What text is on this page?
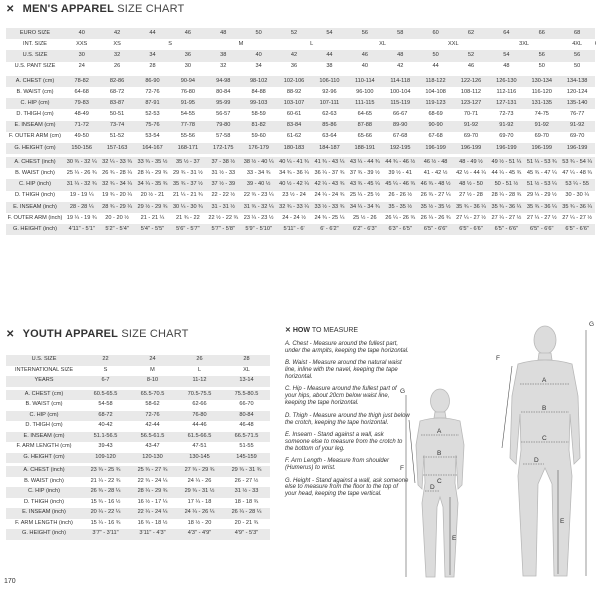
✕ MEN'S APPAREL SIZE CHART
EURO SIZE	40	42	44	46	48	50	52	54	56	58	60	62	64	66	68	
INT. SIZE	XXS	XS	S		M		L		XL		XXL		3XL		4XL		
U.S. SIZE	30	32	34	36	38	40	42	44	46	48	50	52	54	56	56	
U.S. PANT SIZE	24	26	28	30	32	34	36	38	40	42	44	46	48	50	50	

A. CHEST (cm)	78-82	82-86	86-90	90-94	94-98	98-102	102-106	106-110	110-114	114-118	118-122	122-126	126-130	130-134	134-138	
B. WAIST (cm)	64-68	68-72	72-76	76-80	80-84	84-88	88-92	92-96	96-100	100-104	104-108	108-112	112-116	116-120	120-124	
C. HIP (cm)	79-83	83-87	87-91	91-95	95-99	99-103	103-107	107-111	111-115	115-119	119-123	123-127	127-131	131-135	135-140	
D. THIGH (cm)	48-49	50-51	52-53	54-55	56-57	58-59	60-61	62-63	64-65	66-67	68-69	70-71	72-73	74-75	76-77	
E. INSEAM (cm)	71-72	73-74	75-76	77-78	79-80	81-82	83-84	85-86	87-88	89-90	90-90	91-92	91-92	91-92	91-92	
F. OUTER ARM (cm)	49-50	51-52	53-54	55-56	57-58	59-60	61-62	63-64	65-66	67-68	67-68	69-70	69-70	69-70	69-70	
G. HEIGHT (cm)	150-156	157-163	164-167	168-171	172-175	176-179	180-183	184-187	188-191	192-195	196-199	196-199	196-199	196-199	196-199	

A. CHEST (inch)	30 ¾ - 32 ¼	32 ¼ - 33 ¾	33 ¾ - 35 ½	35 ½ - 37	37 - 38 ½	38 ½ - 40 ¼	40 ¼ - 41 ¾	41 ¾ - 43 ¼	43 ¼ - 44 ¾	44 ¾ - 46 ½	46 ½ - 48	48 - 49 ½	49 ½ - 51 ¼	51 ¼ - 53 ¾	53 ¾ - 54 ¼	
B. WAIST (inch)	25 ¼ - 26 ¾	26 ¾ - 28 ¼	28 ¼ - 29 ¾	29 ¾ - 31 ½	31 ½ - 33	33 - 34 ¾	34 ¾ - 36 ¼	36 ¼ - 37 ¾	37 ¾ - 39 ½	39 ½ - 41	41 - 42 ½	42 ½ - 44 ¼	44 ¼ - 45 ¾	45 ¾ - 47 ¼	47 ¼ - 48 ¾	
C. HIP (inch)	31 ¼ - 32 ¾	32 ¾ - 34 ¼	34 ¼ - 35 ¾	35 ¾ - 37 ½	37 ½ - 39	39 - 40 ½	40 ½ - 42 ¼	42 ¼ - 43 ¾	43 ¾ - 45 ¼	45 ¼ - 46 ¾	46 ¾ - 48 ½	48 ½ - 50	50 - 51 ½	51 ½ - 53 ¼	53 ¼ - 55	
D. THIGH (inch)	19 - 19 ¼	19 ¾ - 20 ¼	20 ½ - 21	21 ¼ - 21 ¾	22 - 22 ½	22 ¾ - 23 ¼	23 ½ - 24	24 ¼ - 24 ¾	25 ¼ - 25 ½	26 - 26 ½	26 ¾ - 27 ¼	27 ½ - 28	28 ¼ - 28 ¾	29 ¼ - 29 ½	30 - 30 ¼	
E. INSEAM (inch)	28 - 28 ¼	28 ¾ - 29 ¼	29 ½ - 29 ¾	30 ¼ - 30 ¾	31 - 31 ½	31 ¾ - 32 ¼	32 ¾ - 33 ¼	33 ½ - 33 ¾	34 ¼ - 34 ¾	35 - 35 ½	35 ½ - 35 ½	35 ¾ - 36 ¼	35 ¾ - 36 ¼	35 ¾ - 36 ¼	35 ¾ - 36 ¼	
F. OUTER ARM (inch)	19 ¼ - 19 ¾	20 - 20 ½	21 - 21 ¼	21 ¾ - 22	22 ½ - 22 ¾	23 ¼ - 23 ½	24 - 24 ½	24 ¾ - 25 ¼	25 ½ - 26	26 ¼ - 26 ¾	26 ¼ - 26 ¾	27 ¼ - 27 ½	27 ¼ - 27 ½	27 ¼ - 27 ½	27 ¼ - 27 ½	
G. HEIGHT (inch)	4'11" - 5'1"	5'2" - 5'4"	5'4" - 5'5"	5'6" - 5'7"	5'7" - 5'8"	5'9" - 5'10"	5'11" - 6'	6' - 6'2"	6'2" - 6'3"	6'3" - 6'5"	6'5" - 6'6"	6'5" - 6'6"	6'5" - 6'6"	6'5" - 6'6"	6'5" - 6'6"	
✕ YOUTH APPAREL SIZE CHART
U.S. SIZE	22	24	26	28
INTERNATIONAL SIZE	S	M	L	XL
YEARS	6-7	8-10	11-12	13-14

A. CHEST (cm)	60.5-65.5	65.5-70.5	70.5-75.5	75.5-80.5
B. WAIST (cm)	54-58	58-62	62-66	66-70
C. HIP (cm)	68-72	72-76	76-80	80-84
D. THIGH (cm)	40-42	42-44	44-46	46-48
E. INSEAM (cm)	51.1-56.5	56.5-61.5	61.5-66.5	66.5-71.5
F. ARM LENGTH (cm)	39-43	43-47	47-51	51-55
G. HEIGHT (cm)	109-120	120-130	130-145	145-159

A. CHEST (inch)	23 ¾ - 25 ¾	25 ¾ - 27 ¾	27 ¾ - 29 ¾	29 ¾ - 31 ¾
B. WAIST (inch)	21 ¼ - 22 ¾	22 ¾ - 24 ¼	24 ¼ - 26	26 - 27 ½
C. HIP (inch)	26 ¾ - 28 ¼	28 ¼ - 29 ¾	29 ¾ - 31 ½	31 ½ - 33
D. THIGH (inch)	15 ¾ - 16 ½	16 ½ - 17 ¼	17 ¼ - 18	18 - 18 ¾
E. INSEAM (inch)	20 ¼ - 22 ¼	22 ¼ - 24 ¼	24 ¼ - 26 ¼	26 ¼ - 28 ¼
F. ARM LENGTH (inch)	15 ¼ - 16 ¾	16 ¾ - 18 ½	18 ½ - 20	20 - 21 ¾
G. HEIGHT (inch)	3'7" - 3'11"	3'11" - 4'3"	4'3" - 4'9"	4'9" - 5'3"
✕ HOW TO MEASURE

A. Chest - Measure around the fullest part, under the armpits, keeping the tape horizontal.

B. Waist - Measure around the natural waist line, inline with the navel, keeping the tape horizontal.

C. Hip - Measure around the fullest part of your hips, about 20cm below waist line, keeping the tape horizontal.

D. Thigh - Measure around the thigh just below the crotch, keeping the tape horizontal.

E. Inseam - Stand against a wall, ask someone else to measure from the crotch to the bottom of your leg.

F. Arm Length - Measure from shoulder (Humerus) to wrist.

G. Height - Stand against a wall, ask someone else to measure from the floor to the top of your head, keeping the tape vertical.

A
B
C
D
E
F
G
A
B
C
D
E
F
G
170
